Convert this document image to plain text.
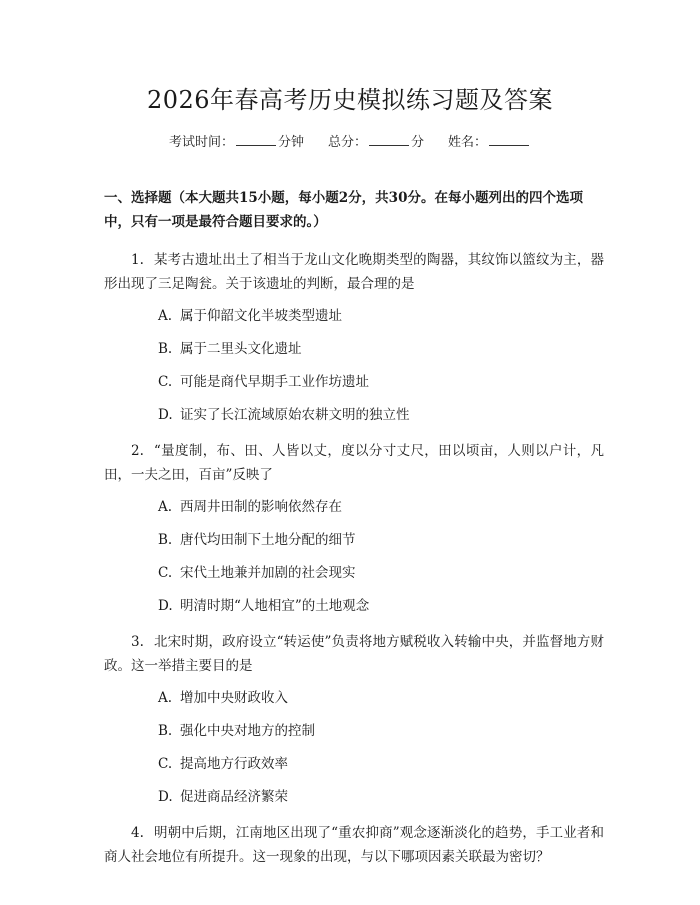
2026年春高考历史模拟练习题及答案
考试时间：	分钟 总分：	分 姓名：
一、选择题（本大题共15小题，每小题2分，共30分。在每小题列出的四个选项中，只有一项是最符合题目要求的。）
1. 某考古遗址出土了相当于龙山文化晚期类型的陶器，其纹饰以篮纹为主，器形出现了三足陶瓮。关于该遗址的判断，最合理的是
A. 属于仰韶文化半坡类型遗址
B. 属于二里头文化遗址
C. 可能是商代早期手工业作坊遗址
D. 证实了长江流域原始农耕文明的独立性
2. “量度制，布、田、人皆以丈，度以分寸丈尺，田以顷亩，人则以户计，凡田，一夫之田，百亩”反映了
A. 西周井田制的影响依然存在
B. 唐代均田制下土地分配的细节
C. 宋代土地兼并加剧的社会现实
D. 明清时期“人地相宜”的土地观念
3. 北宋时期，政府设立“转运使”负责将地方赋税收入转输中央，并监督地方财政。这一举措主要目的是
A. 增加中央财政收入
B. 强化中央对地方的控制
C. 提高地方行政效率
D. 促进商品经济繁荣
4. 明朝中后期，江南地区出现了“重农抑商”观念逐渐淡化的趋势，手工业者和商人社会地位有所提升。这一现象的出现，与以下哪项因素关联最为密切？
